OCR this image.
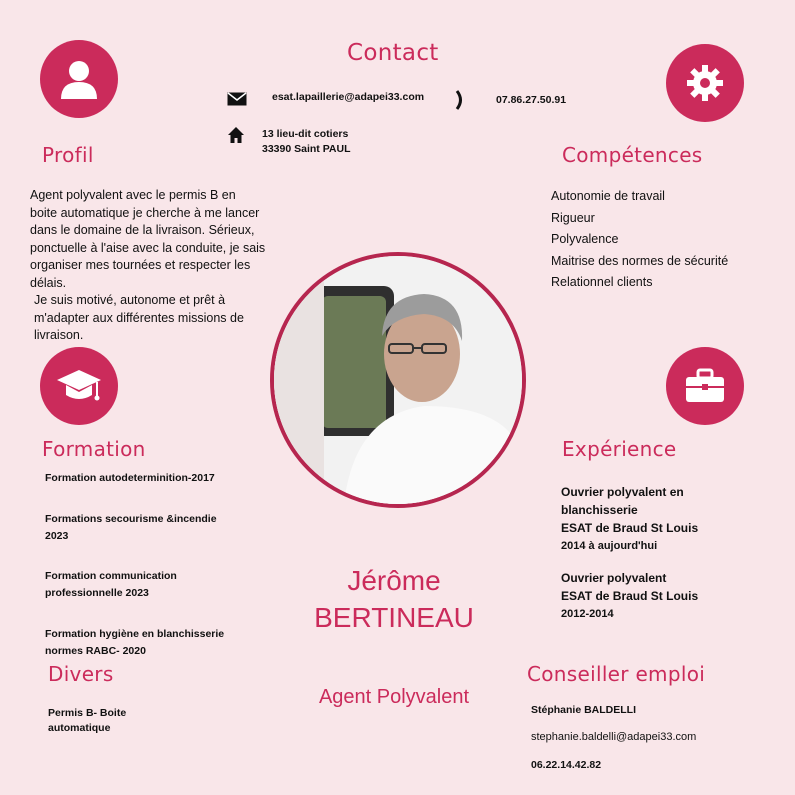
Contact
esat.lapaillerie@adapei33.com	07.86.27.50.91
13 lieu-dit cotiers
33390 Saint PAUL
Profil
Agent polyvalent avec le permis B en boite automatique je cherche à me lancer dans le domaine de la livraison. Sérieux, ponctuelle à l'aise avec la conduite, je sais organiser mes tournées et respecter les délais.
Je suis motivé, autonome et prêt à m'adapter aux différentes missions de livraison.
Compétences
Autonomie de travail
Rigueur
Polyvalence
Maitrise des normes de sécurité
Relationnel clients
Formation
Formation autodeterminition-2017
Formations secourisme &incendie
2023
Formation communication
professionnelle 2023
Formation hygiène en blanchisserie
normes RABC- 2020
Expérience
Ouvrier polyvalent en blanchisserie
ESAT de Braud St Louis
2014 à aujourd'hui
Ouvrier polyvalent
ESAT de Braud St Louis
2012-2014
Jérôme
BERTINEAU
Agent Polyvalent
Divers
Permis B- Boite
automatique
Conseiller emploi
Stéphanie BALDELLI
stephanie.baldelli@adapei33.com
06.22.14.42.82
